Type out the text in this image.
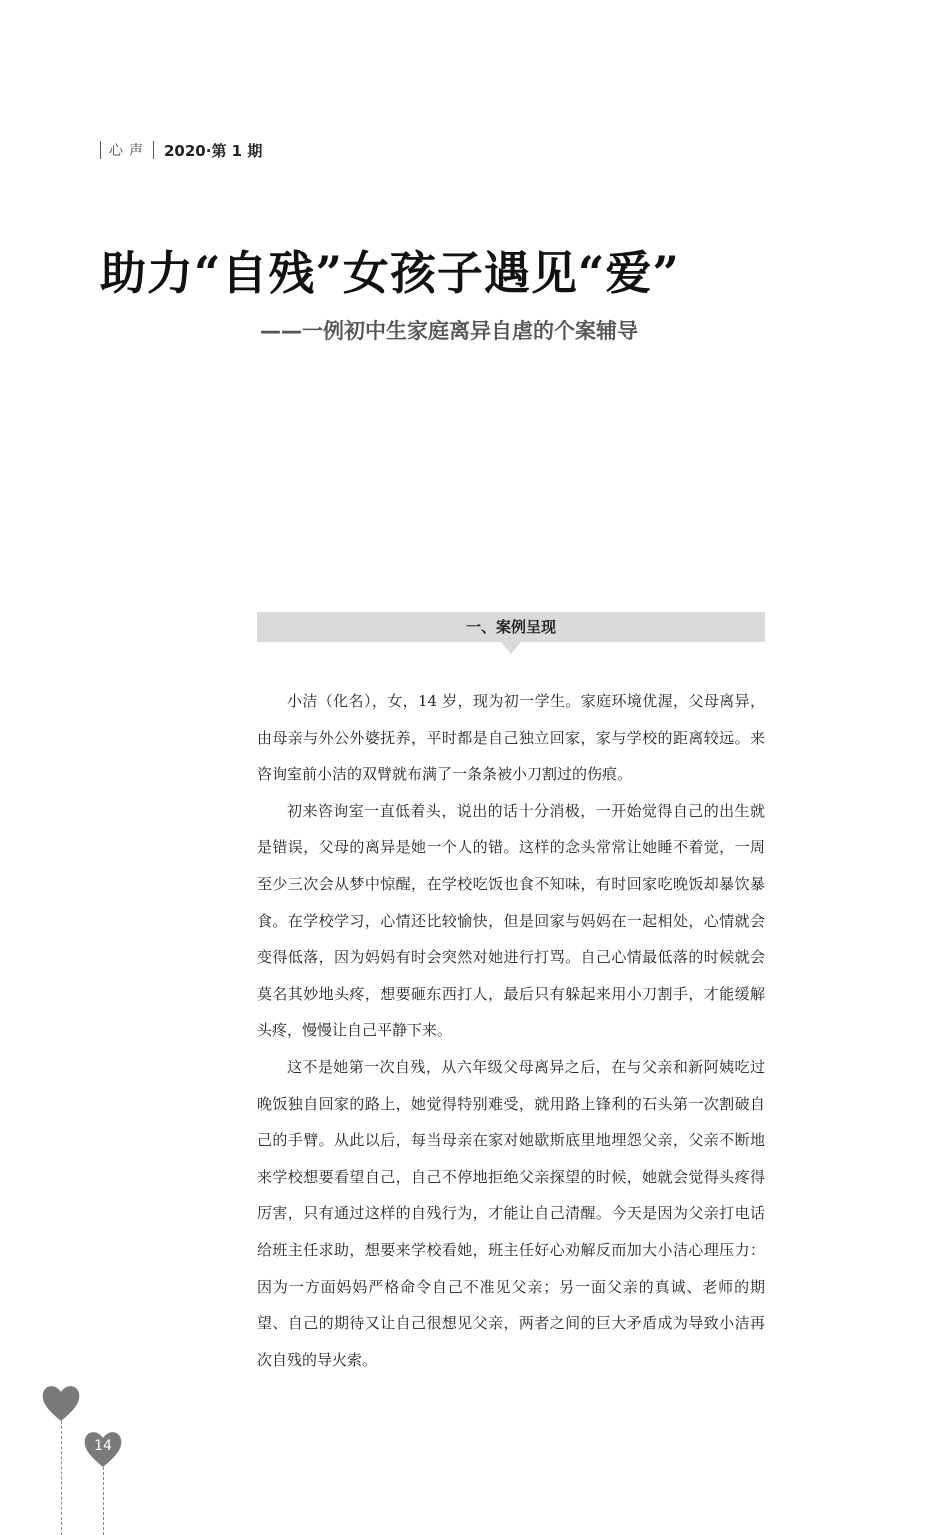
心声 2020·第 1 期
助力“自残”女孩子遇见“爱”
——一例初中生家庭离异自虐的个案辅导
一、案例呈现

小洁（化名），女，14 岁，现为初一学生。家庭环境优渥，父母离异，由母亲与外公外婆抚养，平时都是自己独立回家，家与学校的距离较远。来咨询室前小洁的双臂就布满了一条条被小刀割过的伤痕。

初来咨询室一直低着头，说出的话十分消极，一开始觉得自己的出生就是错误，父母的离异是她一个人的错。这样的念头常常让她睡不着觉，一周至少三次会从梦中惊醒，在学校吃饭也食不知味，有时回家吃晚饭却暴饮暴食。在学校学习，心情还比较愉快，但是回家与妈妈在一起相处，心情就会变得低落，因为妈妈有时会突然对她进行打骂。自己心情最低落的时候就会莫名其妙地头疼，想要砸东西打人，最后只有躲起来用小刀割手，才能缓解头疼，慢慢让自己平静下来。

这不是她第一次自残，从六年级父母离异之后，在与父亲和新阿姨吃过晚饭独自回家的路上，她觉得特别难受，就用路上锋利的石头第一次割破自己的手臂。从此以后，每当母亲在家对她歇斯底里地埋怨父亲，父亲不断地来学校想要看望自己，自己不停地拒绝父亲探望的时候，她就会觉得头疼得厉害，只有通过这样的自残行为，才能让自己清醒。今天是因为父亲打电话给班主任求助，想要来学校看她，班主任好心劝解反而加大小洁心理压力：因为一方面妈妈严格命令自己不准见父亲；另一面父亲的真诚、老师的期望、自己的期待又让自己很想见父亲，两者之间的巨大矛盾成为导致小洁再次自残的导火索。

14
